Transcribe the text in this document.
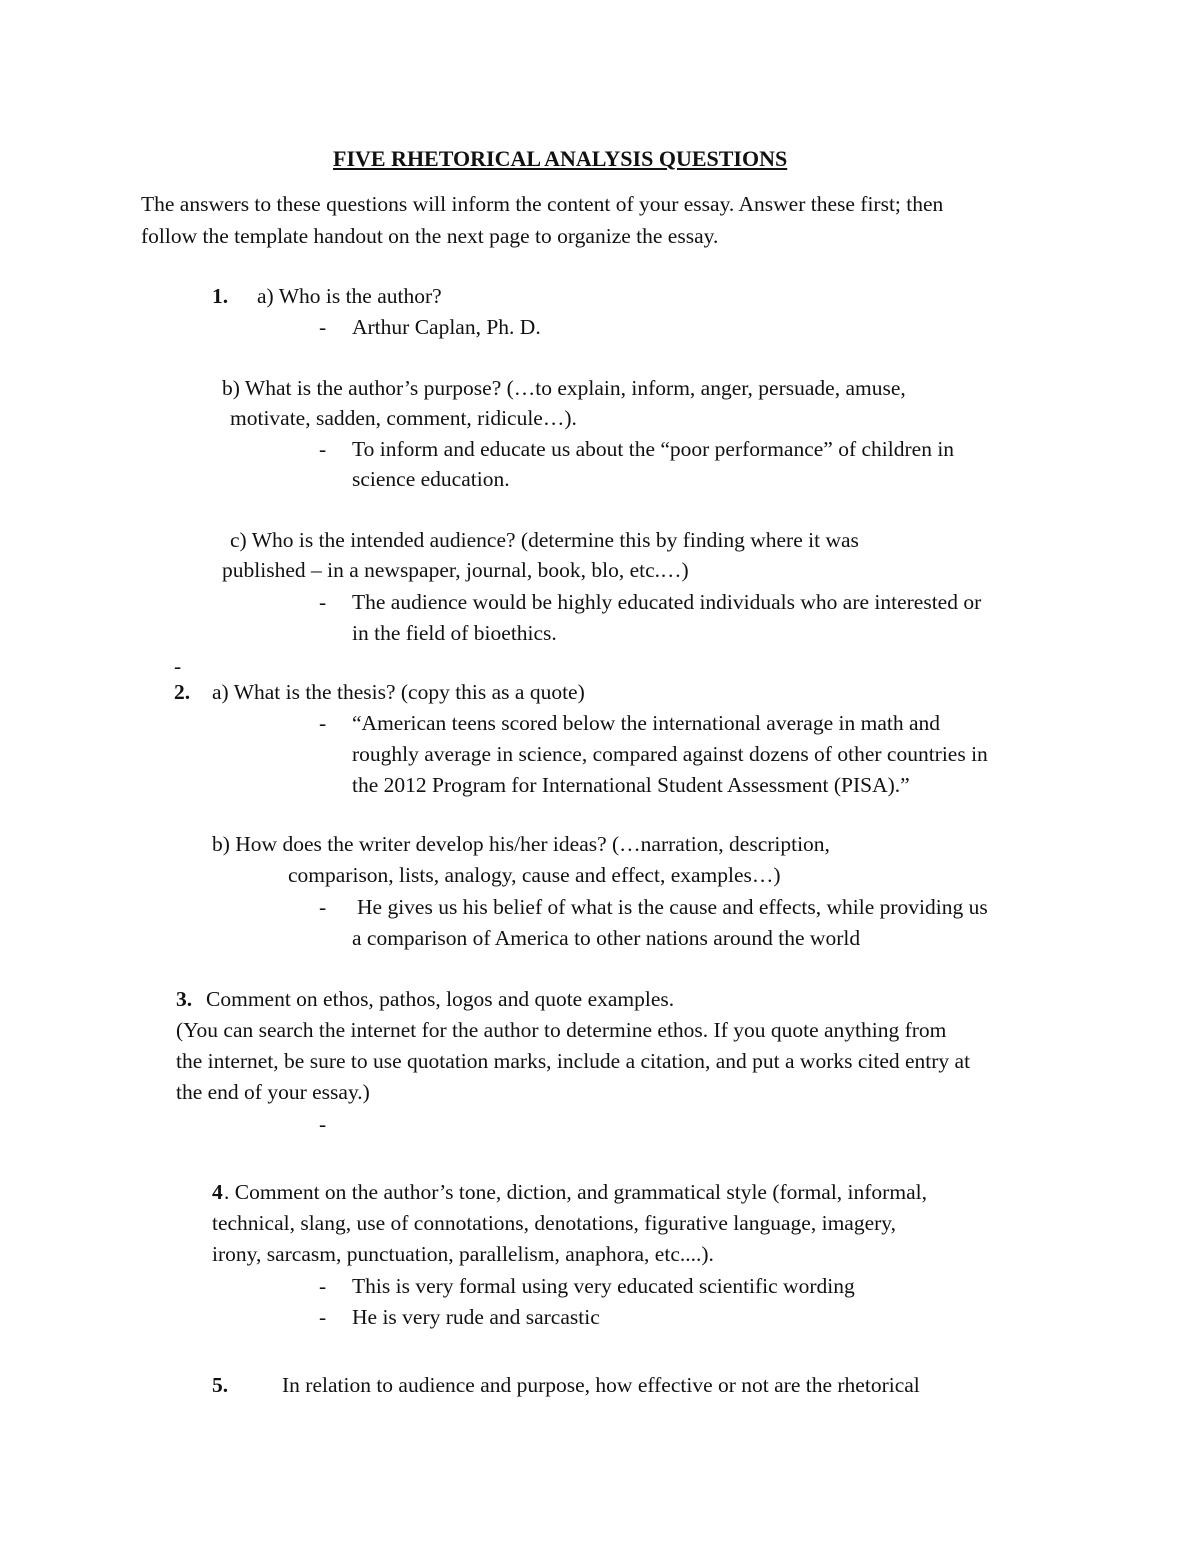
FIVE RHETORICAL ANALYSIS QUESTIONS
The answers to these questions will inform the content of your essay. Answer these first; then
follow the template handout on the next page to organize the essay.
1. a) Who is the author?
- Arthur Caplan, Ph. D.
b) What is the author’s purpose? (…to explain, inform, anger, persuade, amuse,
motivate, sadden, comment, ridicule…).
- To inform and educate us about the “poor performance” of children in
science education.
c) Who is the intended audience? (determine this by finding where it was
published – in a newspaper, journal, book, blo, etc.…)
- The audience would be highly educated individuals who are interested or
in the field of bioethics.
-
2. a) What is the thesis? (copy this as a quote)
- “American teens scored below the international average in math and
roughly average in science, compared against dozens of other countries in
the 2012 Program for International Student Assessment (PISA).”
b) How does the writer develop his/her ideas? (…narration, description,
comparison, lists, analogy, cause and effect, examples…)
- He gives us his belief of what is the cause and effects, while providing us
a comparison of America to other nations around the world
3. Comment on ethos, pathos, logos and quote examples.
(You can search the internet for the author to determine ethos. If you quote anything from
the internet, be sure to use quotation marks, include a citation, and put a works cited entry at
the end of your essay.)
-
4 . Comment on the author’s tone, diction, and grammatical style (formal, informal,
technical, slang, use of connotations, denotations, figurative language, imagery,
irony, sarcasm, punctuation, parallelism, anaphora, etc....).
- This is very formal using very educated scientific wording
- He is very rude and sarcastic
5.	In relation to audience and purpose, how effective or not are the rhetorical
